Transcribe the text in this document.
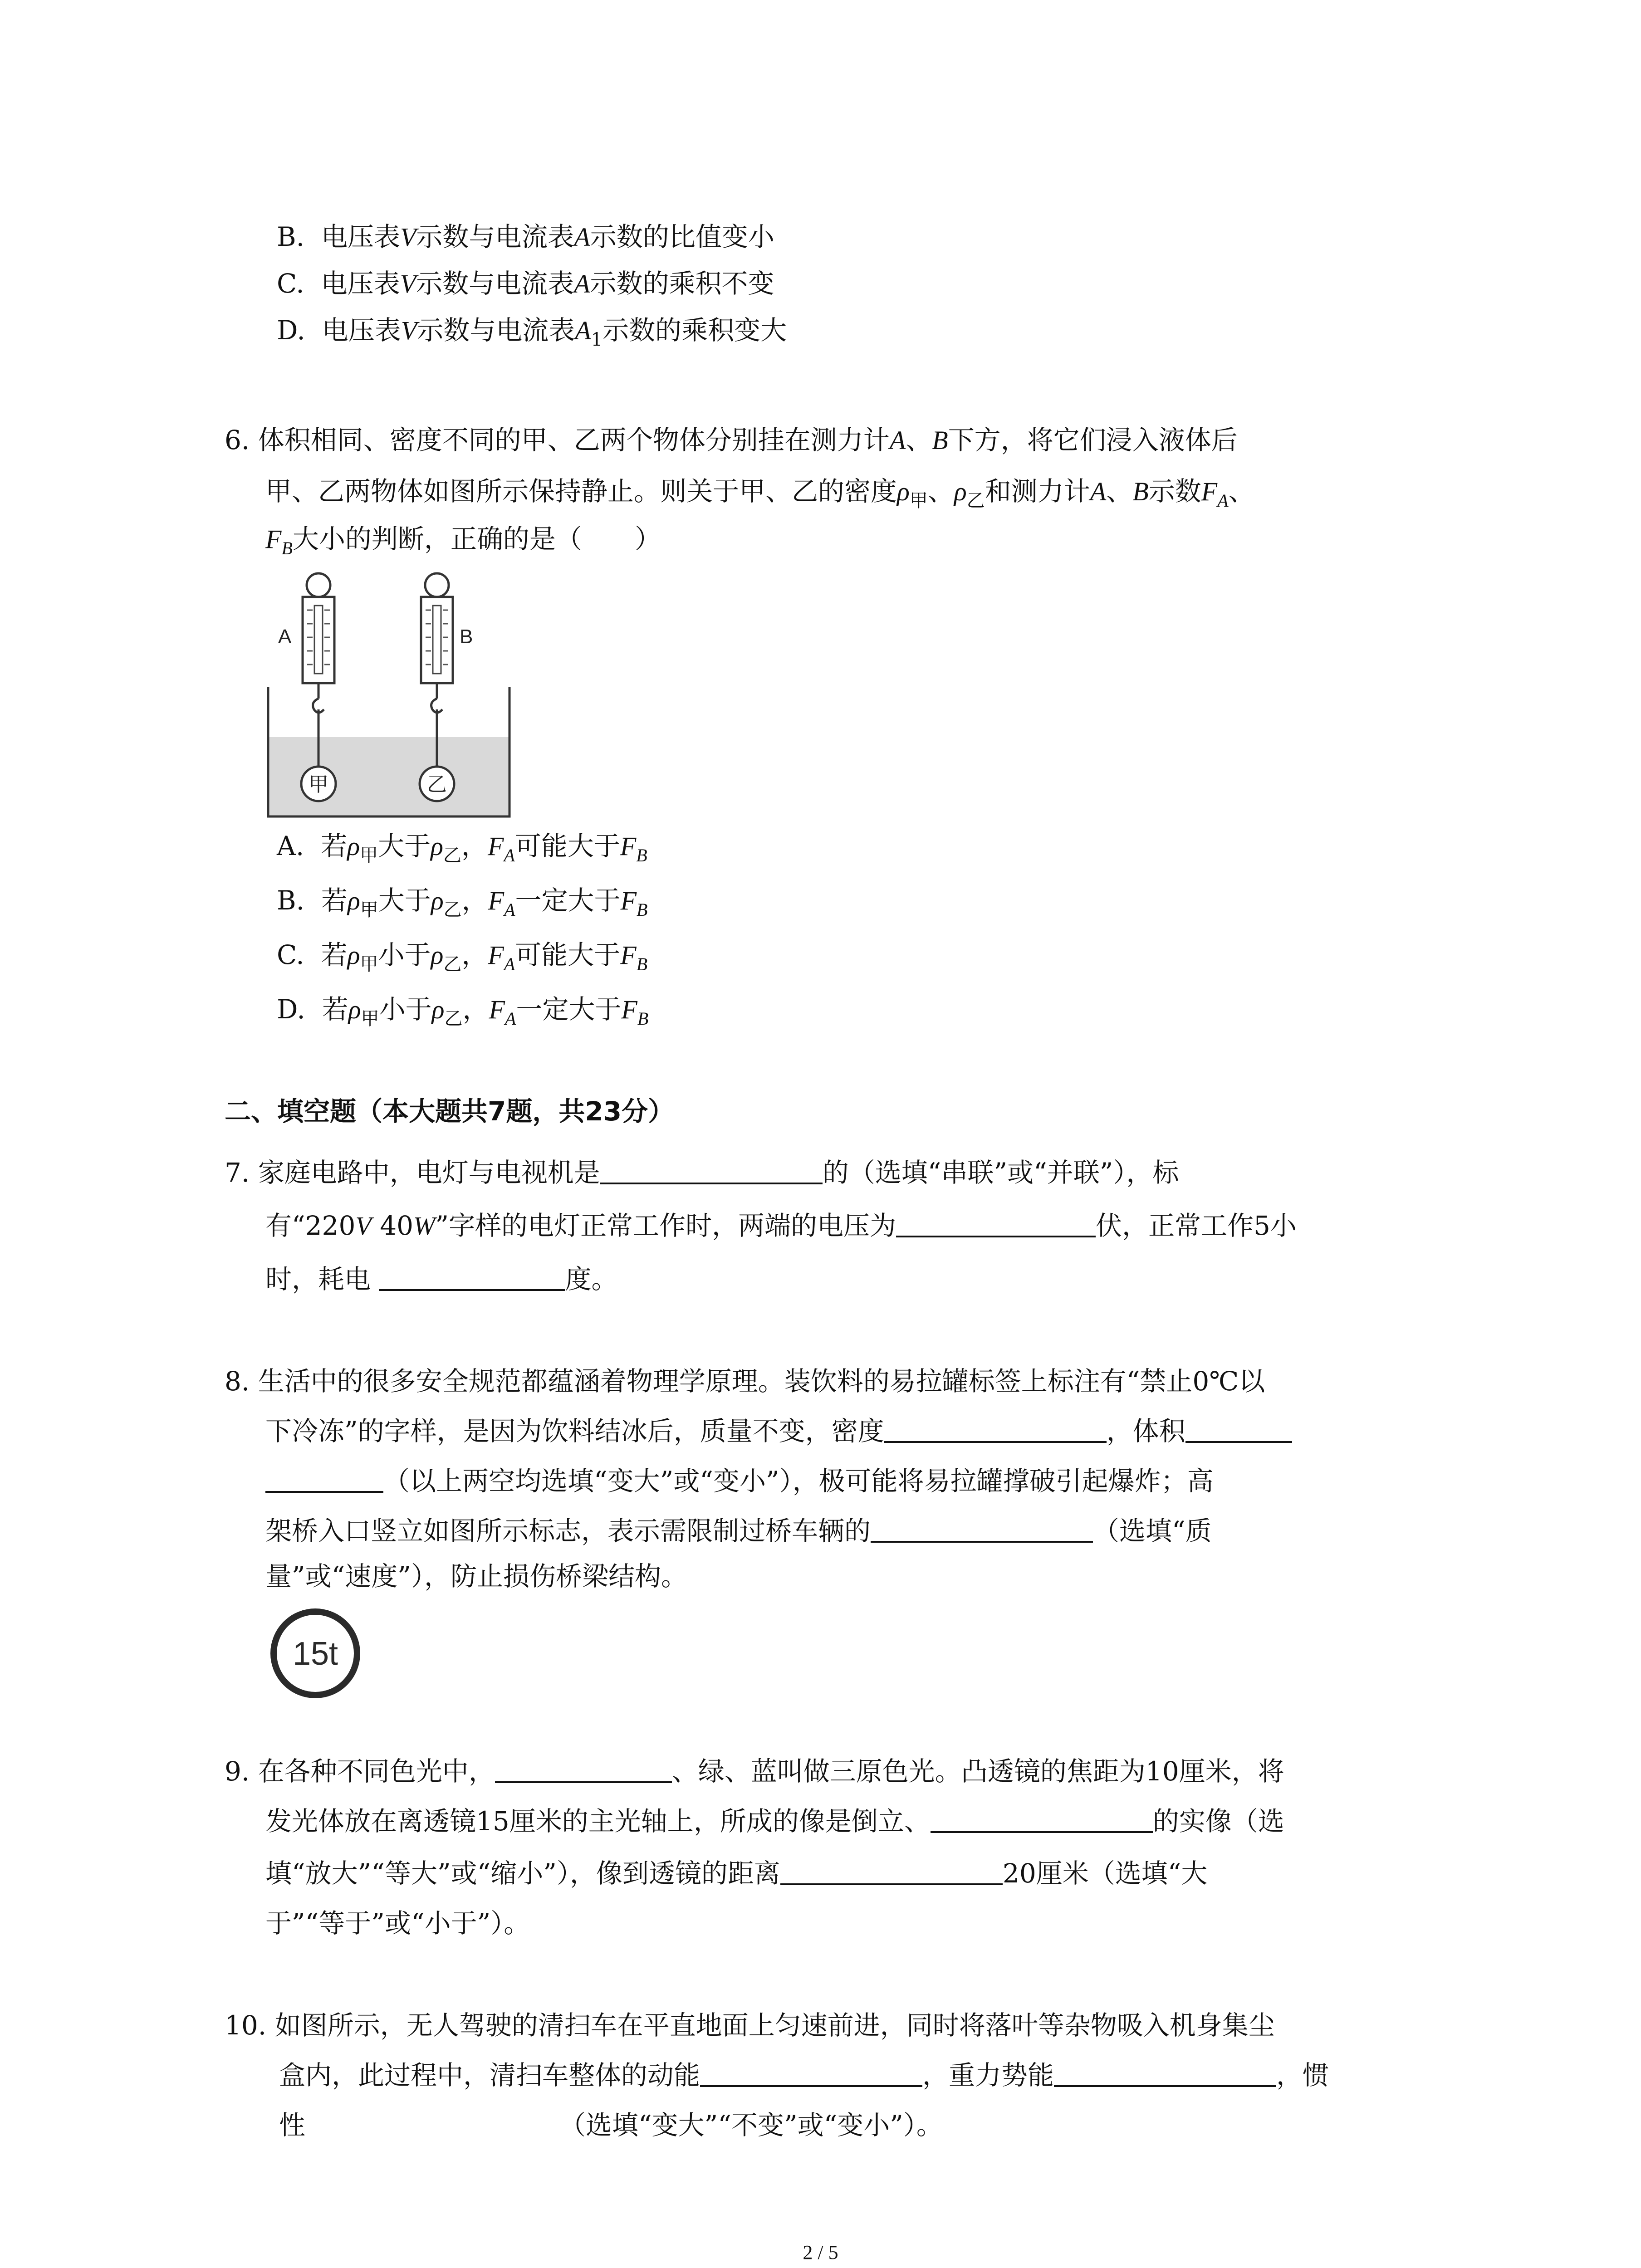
B. 电压表V示数与电流表A示数的比值变小
C. 电压表V示数与电流表A示数的乘积不变
D. 电压表V示数与电流表$A_1$示数的乘积变大
6. 体积相同、密度不同的甲、乙两个物体分别挂在测力计A、B下方，将它们浸入液体后
甲、乙两物体如图所示保持静止。则关于甲、乙的密度$\rho_甲$、$\rho_乙$和测力计A、B示数$F_A$、
$F_B$大小的判断，正确的是（　　）
A	B
甲	乙
A. 若$\rho_甲$大于$\rho_乙$，$F_A$可能大于$F_B$
B. 若$\rho_甲$大于$\rho_乙$，$F_A$一定大于$F_B$
C. 若$\rho_甲$小于$\rho_乙$，$F_A$可能大于$F_B$
D. 若$\rho_甲$小于$\rho_乙$，$F_A$一定大于$F_B$
二、填空题（本大题共7题，共23分）
7. 家庭电路中，电灯与电视机是	的（选填“串联”或“并联”），标
有“220V 40W”字样的电灯正常工作时，两端的电压为	伏，正常工作5小
时，耗电	度。
8. 生活中的很多安全规范都蕴涵着物理学原理。装饮料的易拉罐标签上标注有“禁止0℃以
下冷冻”的字样，是因为饮料结冰后，质量不变，密度	，体积
（以上两空均选填“变大”或“变小”），极可能将易拉罐撑破引起爆炸；高
架桥入口竖立如图所示标志，表示需限制过桥车辆的	（选填“质
量”或“速度”），防止损伤桥梁结构。
15t
9. 在各种不同色光中，	、绿、蓝叫做三原色光。凸透镜的焦距为10厘米，将
发光体放在离透镜15厘米的主光轴上，所成的像是倒立、	的实像（选
填“放大”“等大”或“缩小”），像到透镜的距离	20厘米（选填“大
于”“等于”或“小于”）。
10. 如图所示，无人驾驶的清扫车在平直地面上匀速前进，同时将落叶等杂物吸入机身集尘
盒内，此过程中，清扫车整体的动能	，重力势能	，惯
性	（选填“变大”“不变”或“变小”）。
2 / 5
